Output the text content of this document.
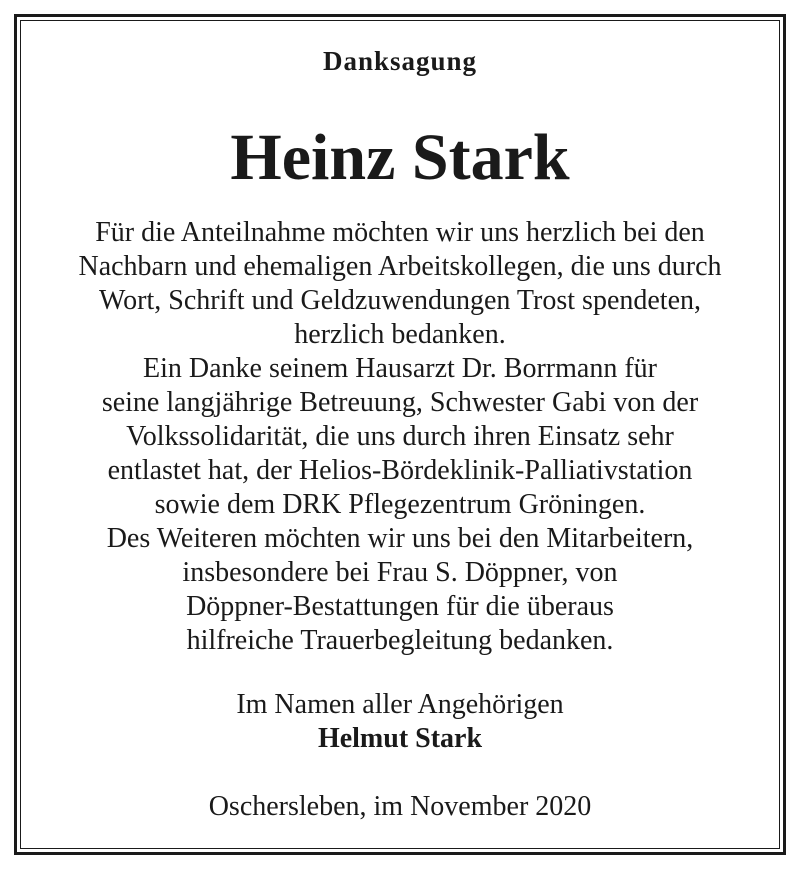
Danksagung
Heinz Stark
Für die Anteilnahme möchten wir uns herzlich bei den
Nachbarn und ehemaligen Arbeitskollegen, die uns durch
Wort, Schrift und Geldzuwendungen Trost spendeten,
herzlich bedanken.
Ein Danke seinem Hausarzt Dr. Borrmann für
seine langjährige Betreuung, Schwester Gabi von der
Volkssolidarität, die uns durch ihren Einsatz sehr
entlastet hat, der Helios-Bördeklinik-Palliativstation
sowie dem DRK Pflegezentrum Gröningen.
Des Weiteren möchten wir uns bei den Mitarbeitern,
insbesondere bei Frau S. Döppner, von
Döppner-Bestattungen für die überaus
hilfreiche Trauerbegleitung bedanken.
Im Namen aller Angehörigen
Helmut Stark
Oschersleben, im November 2020
